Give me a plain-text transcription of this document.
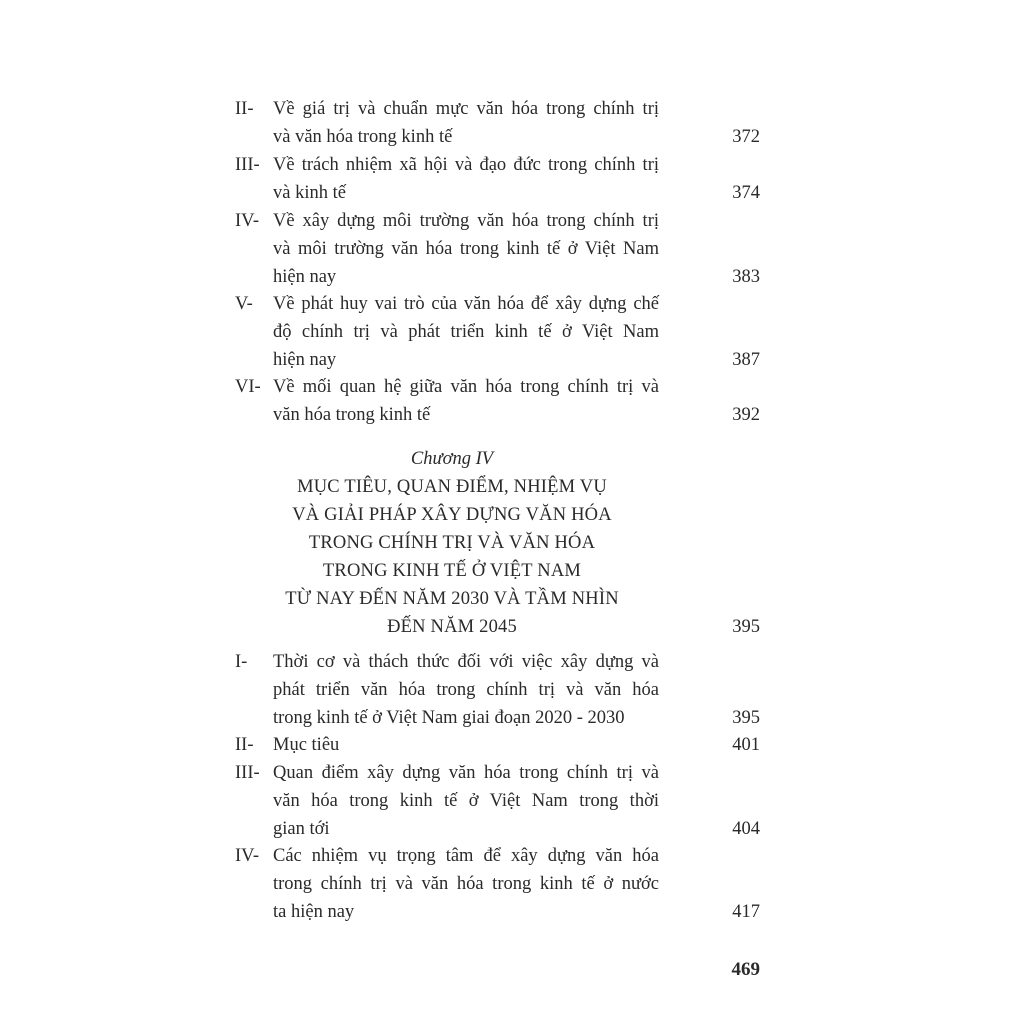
II- Về giá trị và chuẩn mực văn hóa trong chính trị
và văn hóa trong kinh tế	372
III- Về trách nhiệm xã hội và đạo đức trong chính trị
và kinh tế	374
IV- Về xây dựng môi trường văn hóa trong chính trị
và môi trường văn hóa trong kinh tế ở Việt Nam
hiện nay	383
V- Về phát huy vai trò của văn hóa để xây dựng chế
độ chính trị và phát triển kinh tế ở Việt Nam
hiện nay	387
VI- Về mối quan hệ giữa văn hóa trong chính trị và
văn hóa trong kinh tế	392
Chương IV
MỤC TIÊU, QUAN ĐIỂM, NHIỆM VỤ
VÀ GIẢI PHÁP XÂY DỰNG VĂN HÓA
TRONG CHÍNH TRỊ VÀ VĂN HÓA
TRONG KINH TẾ Ở VIỆT NAM
TỪ NAY ĐẾN NĂM 2030 VÀ TẦM NHÌN
ĐẾN NĂM 2045	395
I- Thời cơ và thách thức đối với việc xây dựng và
phát triển văn hóa trong chính trị và văn hóa
trong kinh tế ở Việt Nam giai đoạn 2020 - 2030	395
II- Mục tiêu	401
III- Quan điểm xây dựng văn hóa trong chính trị và
văn hóa trong kinh tế ở Việt Nam trong thời
gian tới	404
IV- Các nhiệm vụ trọng tâm để xây dựng văn hóa
trong chính trị và văn hóa trong kinh tế ở nước
ta hiện nay	417
469
